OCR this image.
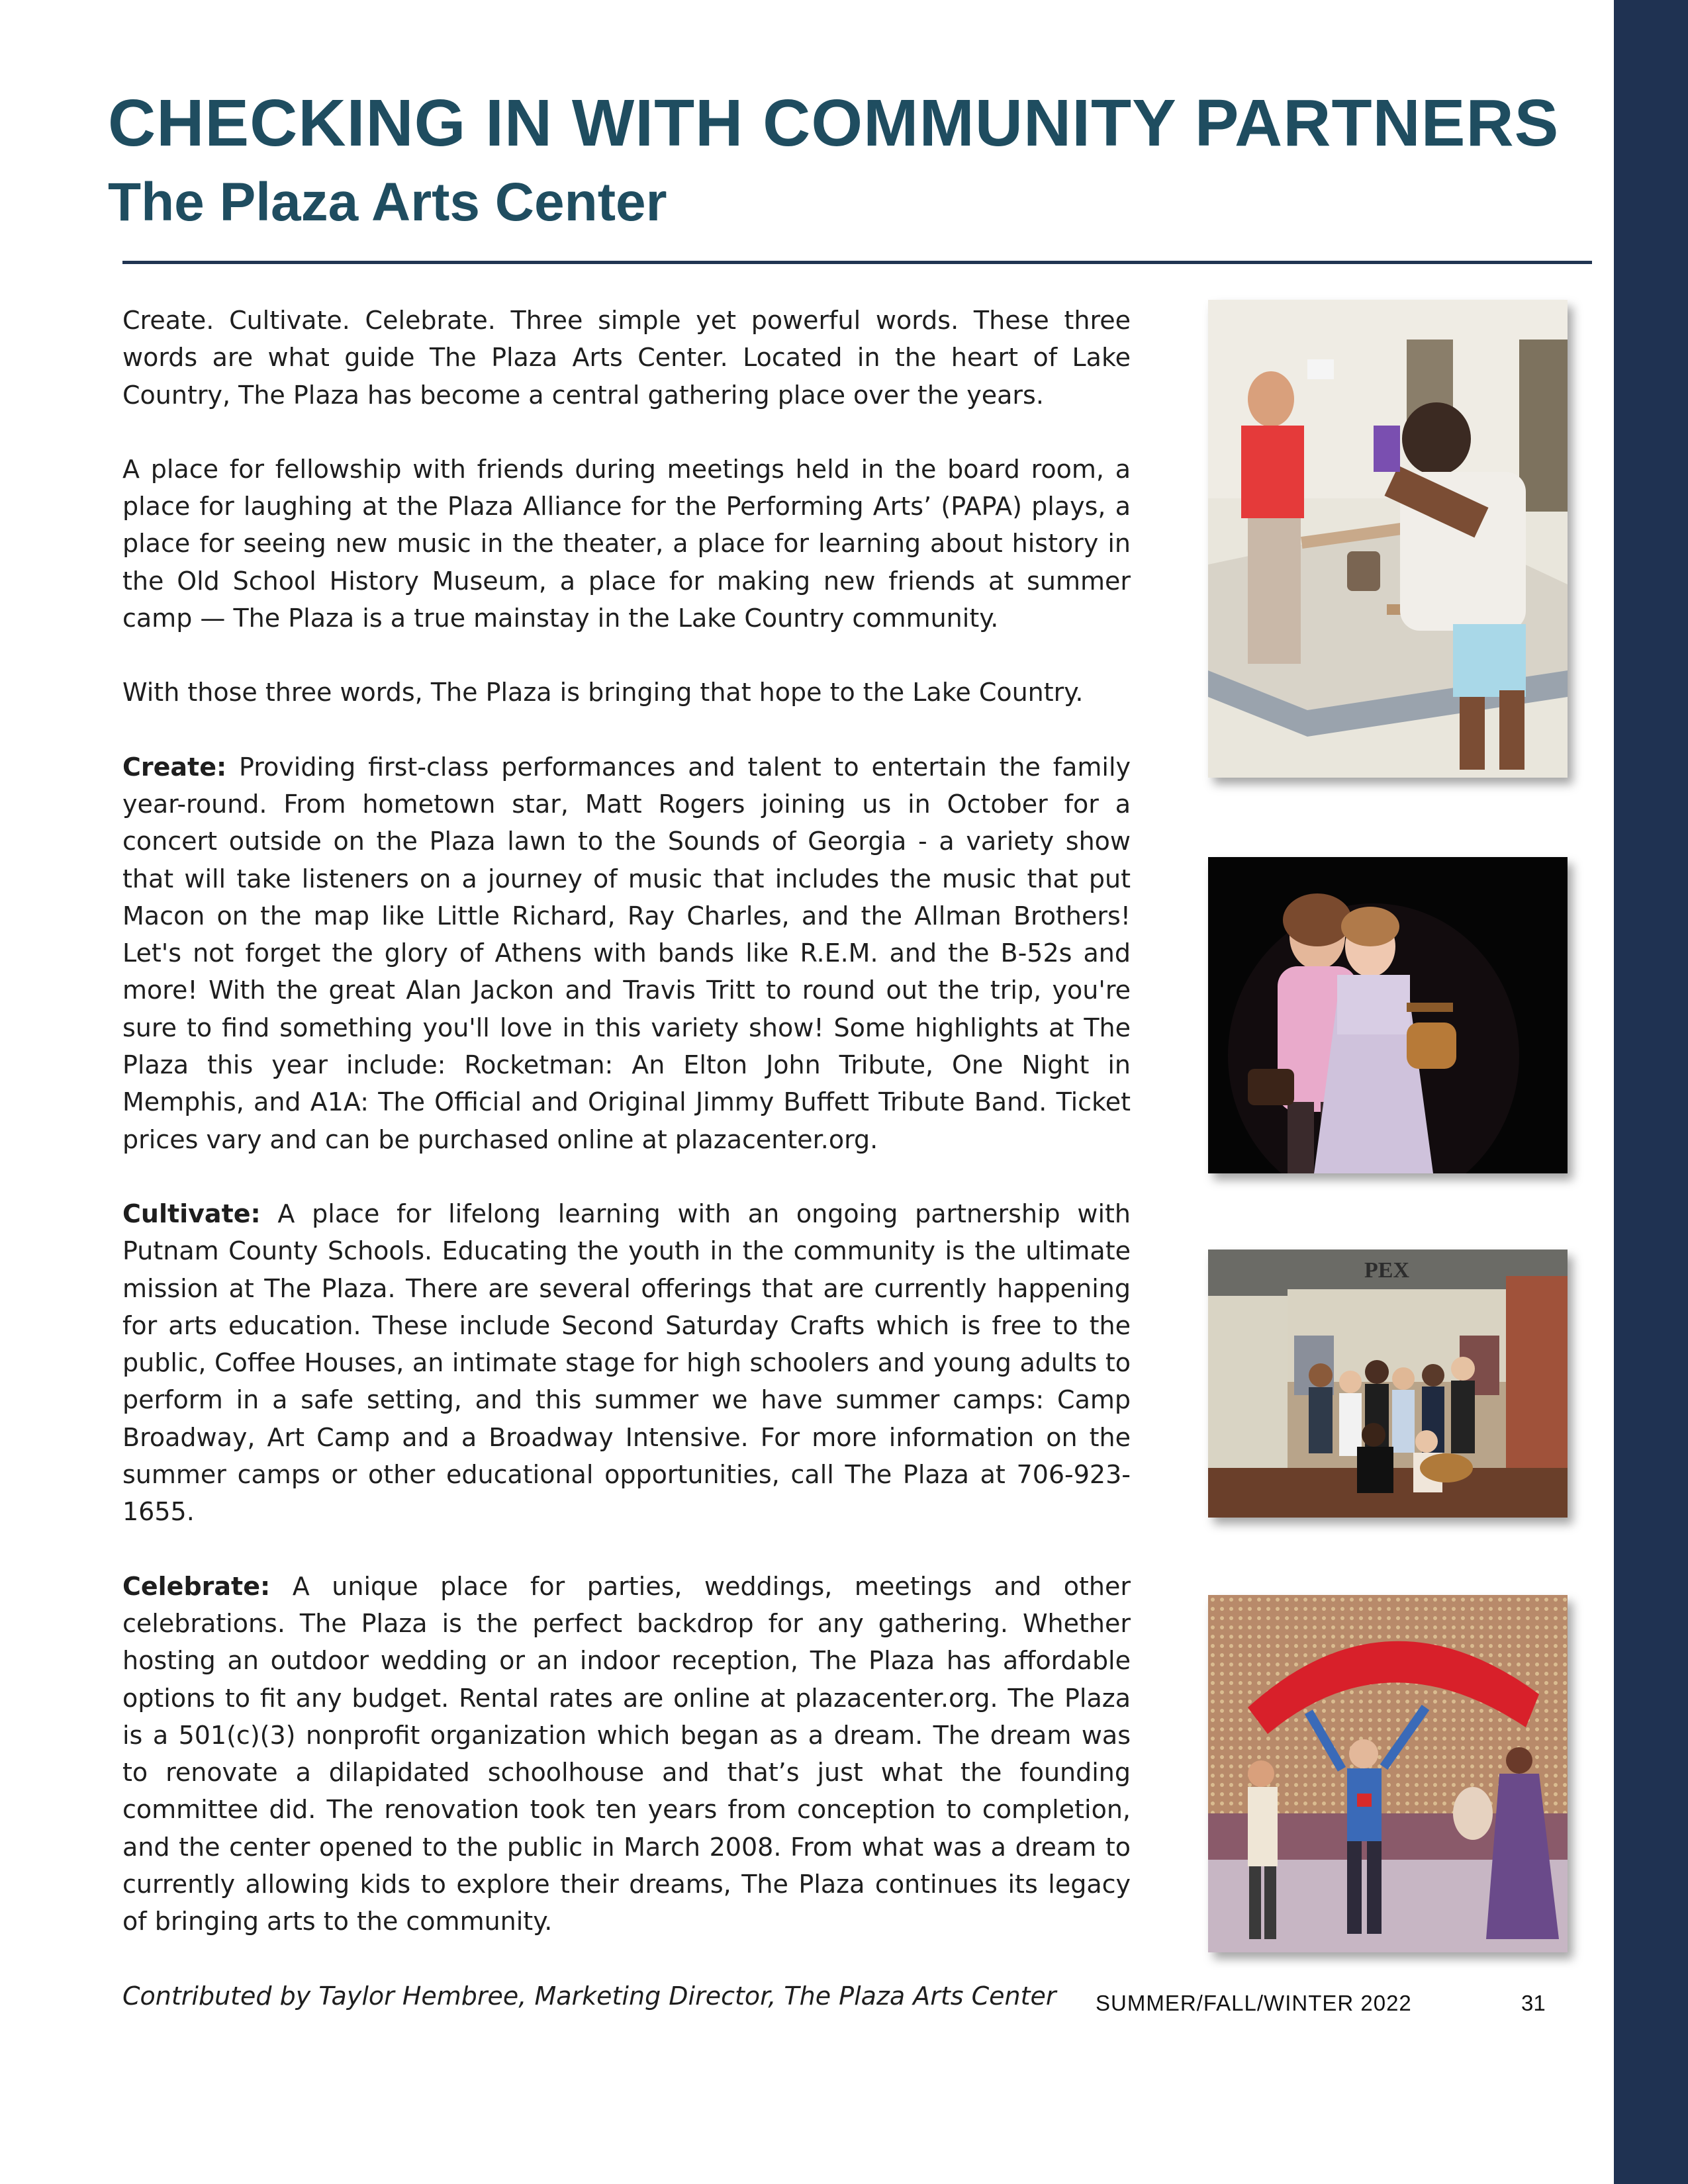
CHECKING IN WITH COMMUNITY PARTNERS
The Plaza Arts Center

Create. Cultivate. Celebrate. Three simple yet powerful words. These three words are what guide The Plaza Arts Center. Located in the heart of Lake Country, The Plaza has become a central gathering place over the years.

A place for fellowship with friends during meetings held in the board room, a place for laughing at the Plaza Alliance for the Performing Arts’ (PAPA) plays, a place for seeing new music in the theater, a place for learning about history in the Old School History Museum, a place for making new friends at summer camp — The Plaza is a true mainstay in the Lake Country community.

With those three words, The Plaza is bringing that hope to the Lake Country.

Create: Providing first-class performances and talent to entertain the family year-round. From hometown star, Matt Rogers joining us in October for a concert outside on the Plaza lawn to the Sounds of Georgia - a variety show that will take listeners on a journey of music that includes the music that put Macon on the map like Little Richard, Ray Charles, and the Allman Brothers! Let's not forget the glory of Athens with bands like R.E.M. and the B-52s and more! With the great Alan Jackon and Travis Tritt to round out the trip, you're sure to find something you'll love in this variety show! Some highlights at The Plaza this year include: Rocketman: An Elton John Tribute, One Night in Memphis, and A1A: The Official and Original Jimmy Buffett Tribute Band. Ticket prices vary and can be purchased online at plazacenter.org.

Cultivate: A place for lifelong learning with an ongoing partnership with Putnam County Schools. Educating the youth in the community is the ultimate mission at The Plaza. There are several offerings that are currently happening for arts education. These include Second Saturday Crafts which is free to the public, Coffee Houses, an intimate stage for high schoolers and young adults to perform in a safe setting, and this summer we have summer camps: Camp Broadway, Art Camp and a Broadway Intensive. For more information on the summer camps or other educational opportunities, call The Plaza at 706-923-1655.

Celebrate: A unique place for parties, weddings, meetings and other celebrations. The Plaza is the perfect backdrop for any gathering. Whether hosting an outdoor wedding or an indoor reception, The Plaza has affordable options to fit any budget. Rental rates are online at plazacenter.org. The Plaza is a 501(c)(3) nonprofit organization which began as a dream. The dream was to renovate a dilapidated schoolhouse and that’s just what the founding committee did. The renovation took ten years from conception to completion, and the center opened to the public in March 2008. From what was a dream to currently allowing kids to explore their dreams, The Plaza continues its legacy of bringing arts to the community.

Contributed by Taylor Hembree, Marketing Director, The Plaza Arts Center

PEX
SUMMER/FALL/WINTER 2022	31
